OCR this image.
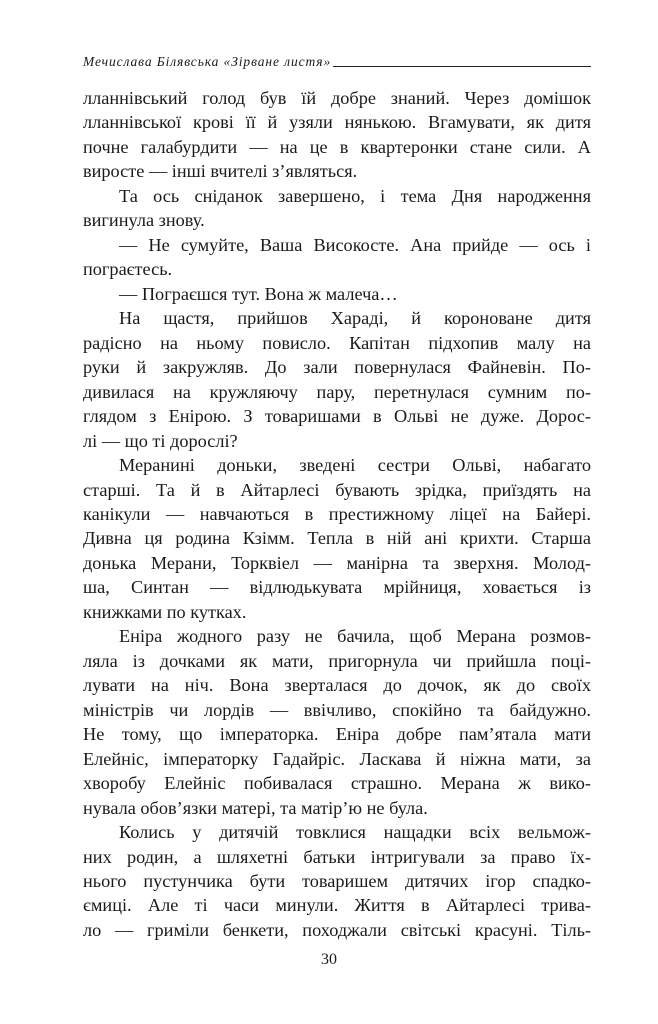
Мечислава Білявська «Зірване листя»
лланнівський голод був їй добре знаний. Через домішок
лланнівської крові її й узяли нянькою. Вгамувати, як дитя
почне галабурдити — на це в квартеронки стане сили. А
виросте — інші вчителі з’являться.
Та ось сніданок завершено, і тема Дня народження
вигинула знову.
— Не сумуйте, Ваша Високосте. Ана прийде — ось і
пограєтесь.
— Пограєшся тут. Вона ж малеча…
На щастя, прийшов Харадi, й короноване дитя
радісно на ньому повисло. Капітан підхопив малу на
руки й закружляв. До зали повернулася Файневін. По-
дивилася на кружляючу пару, перетнулася сумним по-
глядом з Енірою. З товаришами в Ольві не дуже. Дорос-
лі — що ті дорослі?
Меранині доньки, зведені сестри Ольві, набагато
старші. Та й в Айтарлесі бувають зрідка, приїздять на
канікули — навчаються в престижному ліцеї на Байері.
Дивна ця родина Кзімм. Тепла в ній ані крихти. Старша
донька Мерани, Торквіел — манірна та зверхня. Молод-
ша, Синтан — відлюдькувата мрійниця, ховається із
книжками по кутках.
Еніра жодного разу не бачила, щоб Мерана розмов-
ляла із дочками як мати, пригорнула чи прийшла поці-
лувати на ніч. Вона зверталася до дочок, як до своїх
міністрів чи лордів — ввічливо, спокійно та байдужно.
Не тому, що імператорка. Еніра добре пам’ятала мати
Елейніс, імператорку Гадайріс. Ласкава й ніжна мати, за
хворобу Елейніс побивалася страшно. Мерана ж вико-
нувала обов’язки матері, та матір’ю не була.
Колись у дитячій товклися нащадки всіх вельмож-
них родин, а шляхетні батьки інтригували за право їх-
нього пустунчика бути товаришем дитячих ігор спадко-
ємиці. Але ті часи минули. Життя в Айтарлесі трива-
ло — гриміли бенкети, походжали світські красуні. Тіль-
30
